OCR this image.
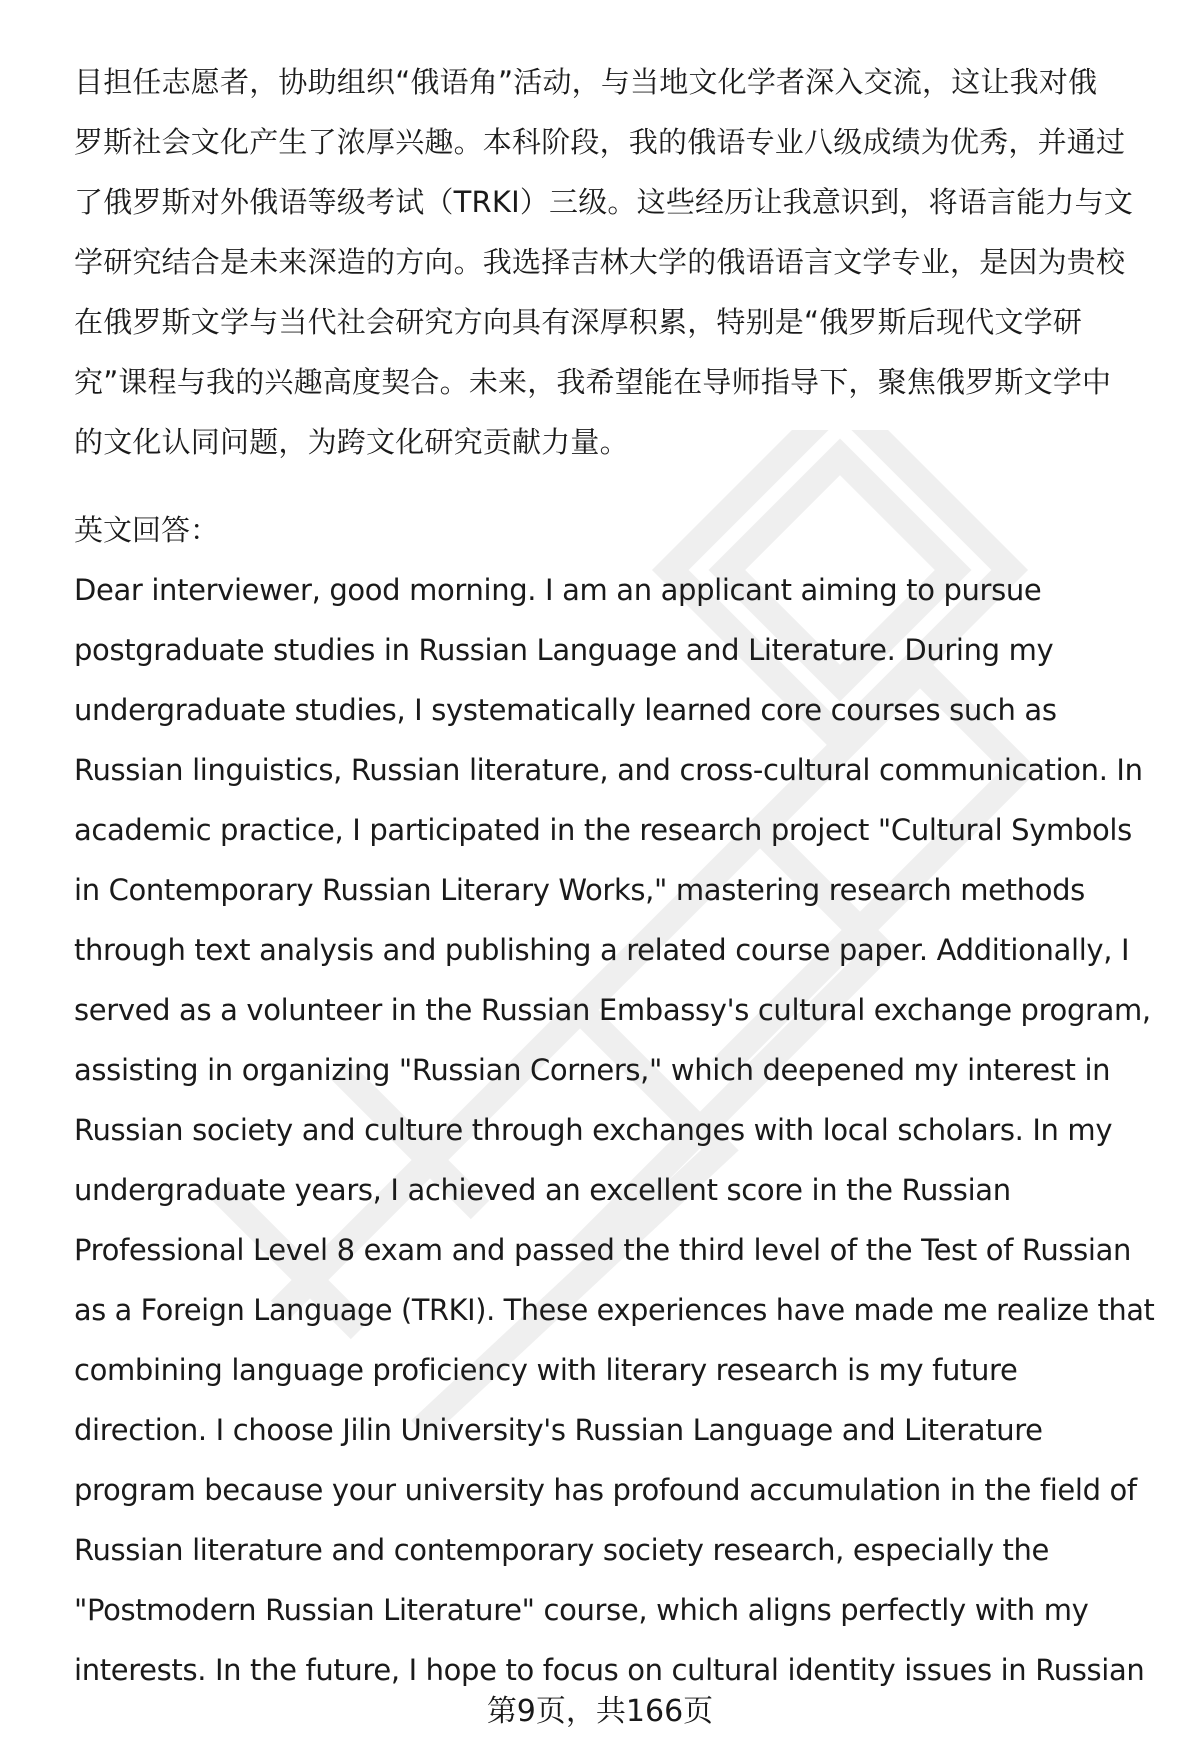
目担任志愿者，协助组织“俄语角”活动，与当地文化学者深入交流，这让我对俄
罗斯社会文化产生了浓厚兴趣。本科阶段，我的俄语专业八级成绩为优秀，并通过
了俄罗斯对外俄语等级考试（TRKI）三级。这些经历让我意识到，将语言能力与文
学研究结合是未来深造的方向。我选择吉林大学的俄语语言文学专业，是因为贵校
在俄罗斯文学与当代社会研究方向具有深厚积累，特别是“俄罗斯后现代文学研
究”课程与我的兴趣高度契合。未来，我希望能在导师指导下，聚焦俄罗斯文学中
的文化认同问题，为跨文化研究贡献力量。
英文回答：
Dear interviewer, good morning. I am an applicant aiming to pursue
postgraduate studies in Russian Language and Literature. During my
undergraduate studies, I systematically learned core courses such as
Russian linguistics, Russian literature, and cross-cultural communication. In
academic practice, I participated in the research project "Cultural Symbols
in Contemporary Russian Literary Works," mastering research methods
through text analysis and publishing a related course paper. Additionally, I
served as a volunteer in the Russian Embassy's cultural exchange program,
assisting in organizing "Russian Corners," which deepened my interest in
Russian society and culture through exchanges with local scholars. In my
undergraduate years, I achieved an excellent score in the Russian
Professional Level 8 exam and passed the third level of the Test of Russian
as a Foreign Language (TRKI). These experiences have made me realize that
combining language proficiency with literary research is my future
direction. I choose Jilin University's Russian Language and Literature
program because your university has profound accumulation in the field of
Russian literature and contemporary society research, especially the
"Postmodern Russian Literature" course, which aligns perfectly with my
interests. In the future, I hope to focus on cultural identity issues in Russian
第9页，共166页
